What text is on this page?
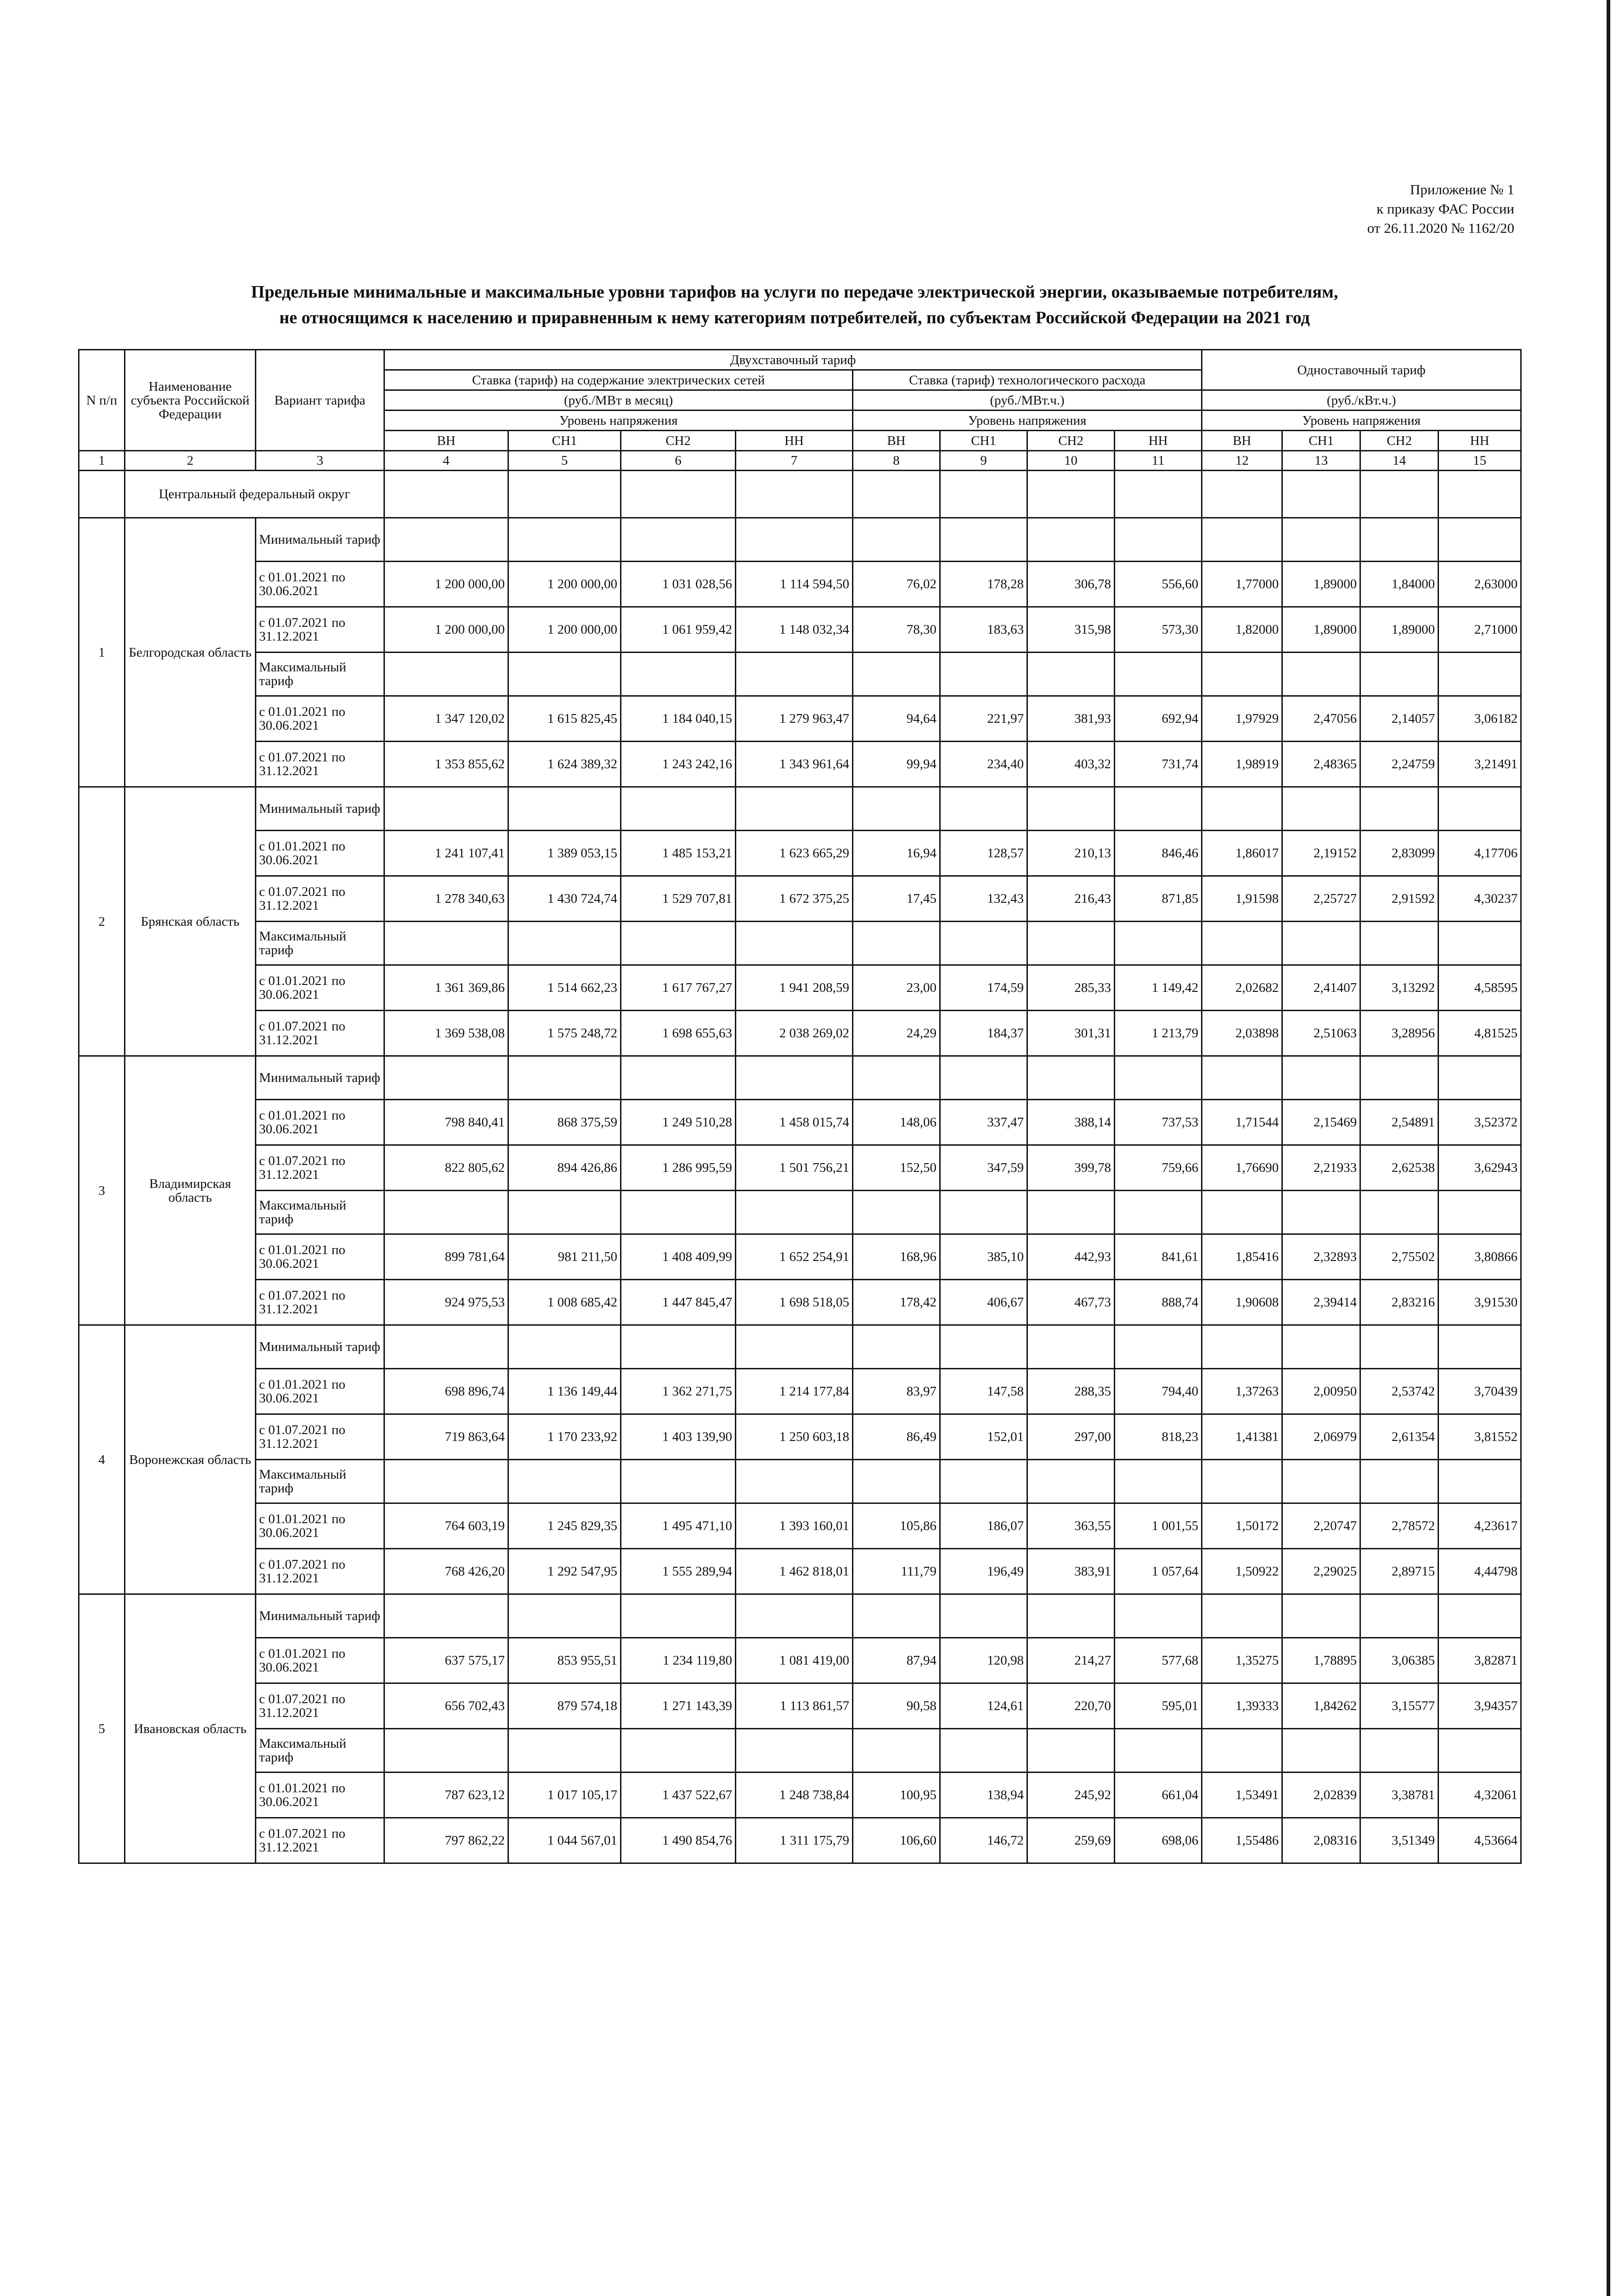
Приложение № 1
к приказу ФАС России
от 26.11.2020 № 1162/20
Предельные минимальные и максимальные уровни тарифов на услуги по передаче электрической энергии, оказываемые потребителям,
не относящимся к населению и приравненным к нему категориям потребителей, по субъектам Российской Федерации на 2021 год
N п/п	Наименование субъекта Российской Федерации	Вариант тарифа	Двухставочный тариф								Одноставочный тариф			
			Ставка (тариф) на содержание электрических сетей				Ставка (тариф) технологического расхода							
			(руб./МВт в месяц)				(руб./МВт.ч.)				(руб./кВт.ч.)			
			Уровень напряжения				Уровень напряжения				Уровень напряжения			
			ВН	СН1	СН2	НН	ВН	СН1	СН2	НН	ВН	СН1	СН2	НН
1	2	3	4	5	6	7	8	9	10	11	12	13	14	15
	Центральный федеральный округ													
1	Белгородская область	Минимальный тариф												
		с 01.01.2021 по 30.06.2021	1 200 000,00	1 200 000,00	1 031 028,56	1 114 594,50	76,02	178,28	306,78	556,60	1,77000	1,89000	1,84000	2,63000
		с 01.07.2021 по 31.12.2021	1 200 000,00	1 200 000,00	1 061 959,42	1 148 032,34	78,30	183,63	315,98	573,30	1,82000	1,89000	1,89000	2,71000
		Максимальный тариф												
		с 01.01.2021 по 30.06.2021	1 347 120,02	1 615 825,45	1 184 040,15	1 279 963,47	94,64	221,97	381,93	692,94	1,97929	2,47056	2,14057	3,06182
		с 01.07.2021 по 31.12.2021	1 353 855,62	1 624 389,32	1 243 242,16	1 343 961,64	99,94	234,40	403,32	731,74	1,98919	2,48365	2,24759	3,21491
2	Брянская область	Минимальный тариф												
		с 01.01.2021 по 30.06.2021	1 241 107,41	1 389 053,15	1 485 153,21	1 623 665,29	16,94	128,57	210,13	846,46	1,86017	2,19152	2,83099	4,17706
		с 01.07.2021 по 31.12.2021	1 278 340,63	1 430 724,74	1 529 707,81	1 672 375,25	17,45	132,43	216,43	871,85	1,91598	2,25727	2,91592	4,30237
		Максимальный тариф												
		с 01.01.2021 по 30.06.2021	1 361 369,86	1 514 662,23	1 617 767,27	1 941 208,59	23,00	174,59	285,33	1 149,42	2,02682	2,41407	3,13292	4,58595
		с 01.07.2021 по 31.12.2021	1 369 538,08	1 575 248,72	1 698 655,63	2 038 269,02	24,29	184,37	301,31	1 213,79	2,03898	2,51063	3,28956	4,81525
3	Владимирская область	Минимальный тариф												
		с 01.01.2021 по 30.06.2021	798 840,41	868 375,59	1 249 510,28	1 458 015,74	148,06	337,47	388,14	737,53	1,71544	2,15469	2,54891	3,52372
		с 01.07.2021 по 31.12.2021	822 805,62	894 426,86	1 286 995,59	1 501 756,21	152,50	347,59	399,78	759,66	1,76690	2,21933	2,62538	3,62943
		Максимальный тариф												
		с 01.01.2021 по 30.06.2021	899 781,64	981 211,50	1 408 409,99	1 652 254,91	168,96	385,10	442,93	841,61	1,85416	2,32893	2,75502	3,80866
		с 01.07.2021 по 31.12.2021	924 975,53	1 008 685,42	1 447 845,47	1 698 518,05	178,42	406,67	467,73	888,74	1,90608	2,39414	2,83216	3,91530
4	Воронежская область	Минимальный тариф												
		с 01.01.2021 по 30.06.2021	698 896,74	1 136 149,44	1 362 271,75	1 214 177,84	83,97	147,58	288,35	794,40	1,37263	2,00950	2,53742	3,70439
		с 01.07.2021 по 31.12.2021	719 863,64	1 170 233,92	1 403 139,90	1 250 603,18	86,49	152,01	297,00	818,23	1,41381	2,06979	2,61354	3,81552
		Максимальный тариф												
		с 01.01.2021 по 30.06.2021	764 603,19	1 245 829,35	1 495 471,10	1 393 160,01	105,86	186,07	363,55	1 001,55	1,50172	2,20747	2,78572	4,23617
		с 01.07.2021 по 31.12.2021	768 426,20	1 292 547,95	1 555 289,94	1 462 818,01	111,79	196,49	383,91	1 057,64	1,50922	2,29025	2,89715	4,44798
5	Ивановская область	Минимальный тариф												
		с 01.01.2021 по 30.06.2021	637 575,17	853 955,51	1 234 119,80	1 081 419,00	87,94	120,98	214,27	577,68	1,35275	1,78895	3,06385	3,82871
		с 01.07.2021 по 31.12.2021	656 702,43	879 574,18	1 271 143,39	1 113 861,57	90,58	124,61	220,70	595,01	1,39333	1,84262	3,15577	3,94357
		Максимальный тариф												
		с 01.01.2021 по 30.06.2021	787 623,12	1 017 105,17	1 437 522,67	1 248 738,84	100,95	138,94	245,92	661,04	1,53491	2,02839	3,38781	4,32061
		с 01.07.2021 по 31.12.2021	797 862,22	1 044 567,01	1 490 854,76	1 311 175,79	106,60	146,72	259,69	698,06	1,55486	2,08316	3,51349	4,53664
